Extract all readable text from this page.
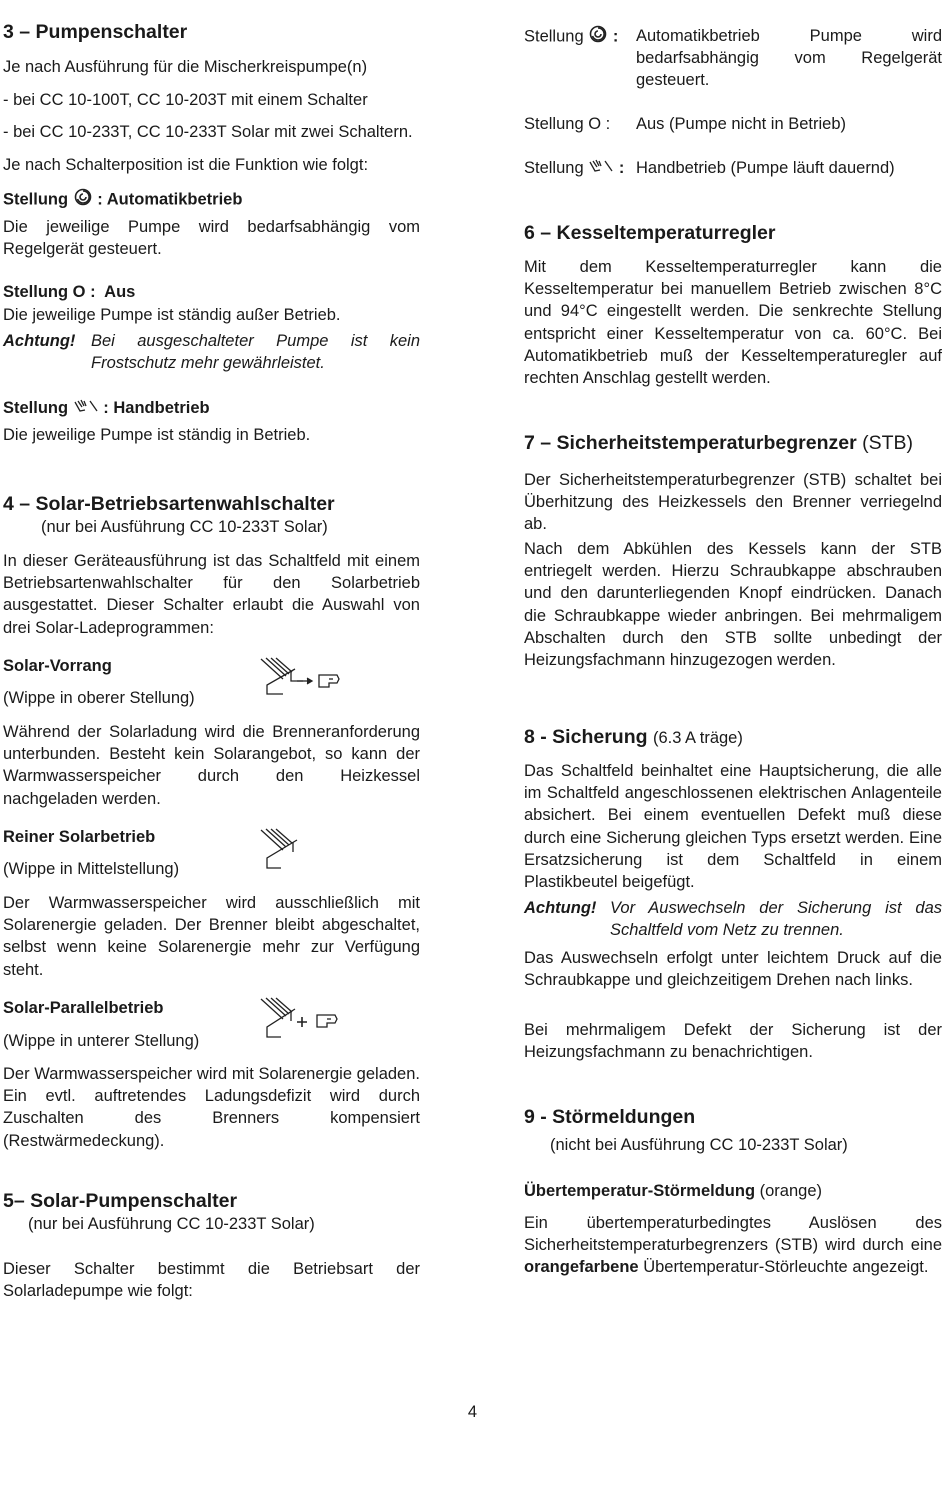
3 – Pumpenschalter
Je nach Ausführung für die Mischerkreispumpe(n)
- bei CC 10-100T, CC 10-203T mit einem Schalter
- bei CC 10-233T, CC 10-233T Solar mit zwei Schaltern.
Je nach Schalterposition ist die Funktion wie folgt:
Stellung : Automatikbetrieb
Die jeweilige Pumpe wird bedarfsabhängig vom Regelgerät gesteuert.
Stellung O : Aus
Die jeweilige Pumpe ist ständig außer Betrieb.
Achtung! Bei ausgeschalteter Pumpe ist kein Frostschutz mehr gewährleistet.
Stellung : Handbetrieb
Die jeweilige Pumpe ist ständig in Betrieb.
4 – Solar-Betriebsartenwahlschalter
(nur bei Ausführung CC 10-233T Solar)
In dieser Geräteausführung ist das Schaltfeld mit einem Betriebsartenwahlschalter für den Solarbetrieb ausgestattet. Dieser Schalter erlaubt die Auswahl von drei Solar-Ladeprogrammen:
Solar-Vorrang
(Wippe in oberer Stellung)
Während der Solarladung wird die Brenneranforderung unterbunden. Besteht kein Solarangebot, so kann der Warmwasserspeicher durch den Heizkessel nachgeladen werden.
Reiner Solarbetrieb
(Wippe in Mittelstellung)
Der Warmwasserspeicher wird ausschließlich mit Solarenergie geladen. Der Brenner bleibt abgeschaltet, selbst wenn keine Solarenergie mehr zur Verfügung steht.
Solar-Parallelbetrieb
(Wippe in unterer Stellung)
Der Warmwasserspeicher wird mit Solarenergie geladen. Ein evtl. auftretendes Ladungsdefizit wird durch Zuschalten des Brenners kompensiert (Restwärmedeckung).
5– Solar-Pumpenschalter
(nur bei Ausführung CC 10-233T Solar)
Dieser Schalter bestimmt die Betriebsart der Solarladepumpe wie folgt:
Stellung :	Automatikbetrieb Pumpe wird bedarfsabhängig vom Regelgerät gesteuert.
Stellung O :	Aus (Pumpe nicht in Betrieb)
Stellung : Handbetrieb (Pumpe läuft dauernd)
6 – Kesseltemperaturregler
Mit dem Kesseltemperaturregler kann die Kesseltemperatur bei manuellem Betrieb zwischen 8°C und 94°C eingestellt werden. Die senkrechte Stellung entspricht einer Kesseltemperatur von ca. 60°C. Bei Automatikbetrieb muß der Kesseltemperaturegler auf rechten Anschlag gestellt werden.
7 – Sicherheitstemperaturbegrenzer (STB)
Der Sicherheitstemperaturbegrenzer (STB) schaltet bei Überhitzung des Heizkessels den Brenner verriegelnd ab.
Nach dem Abkühlen des Kessels kann der STB entriegelt werden. Hierzu Schraubkappe abschrauben und den darunterliegenden Knopf eindrücken. Danach die Schraubkappe wieder anbringen. Bei mehrmaligem Abschalten durch den STB sollte unbedingt der Heizungsfachmann hinzugezogen werden.
8 - Sicherung (6.3 A träge)
Das Schaltfeld beinhaltet eine Hauptsicherung, die alle im Schaltfeld angeschlossenen elektrischen Anlagenteile absichert. Bei einem eventuellen Defekt muß diese durch eine Sicherung gleichen Typs ersetzt werden. Eine Ersatzsicherung ist dem Schaltfeld in einem Plastikbeutel beigefügt.
Achtung! Vor Auswechseln der Sicherung ist das Schaltfeld vom Netz zu trennen.
Das Auswechseln erfolgt unter leichtem Druck auf die Schraubkappe und gleichzeitigem Drehen nach links.
Bei mehrmaligem Defekt der Sicherung ist der Heizungsfachmann zu benachrichtigen.
9 - Störmeldungen
(nicht bei Ausführung CC 10-233T Solar)
Übertemperatur-Störmeldung (orange)
Ein übertemperaturbedingtes Auslösen des Sicherheitstemperaturbegrenzers (STB) wird durch eine orangefarbene Übertemperatur-Störleuchte angezeigt.
4
